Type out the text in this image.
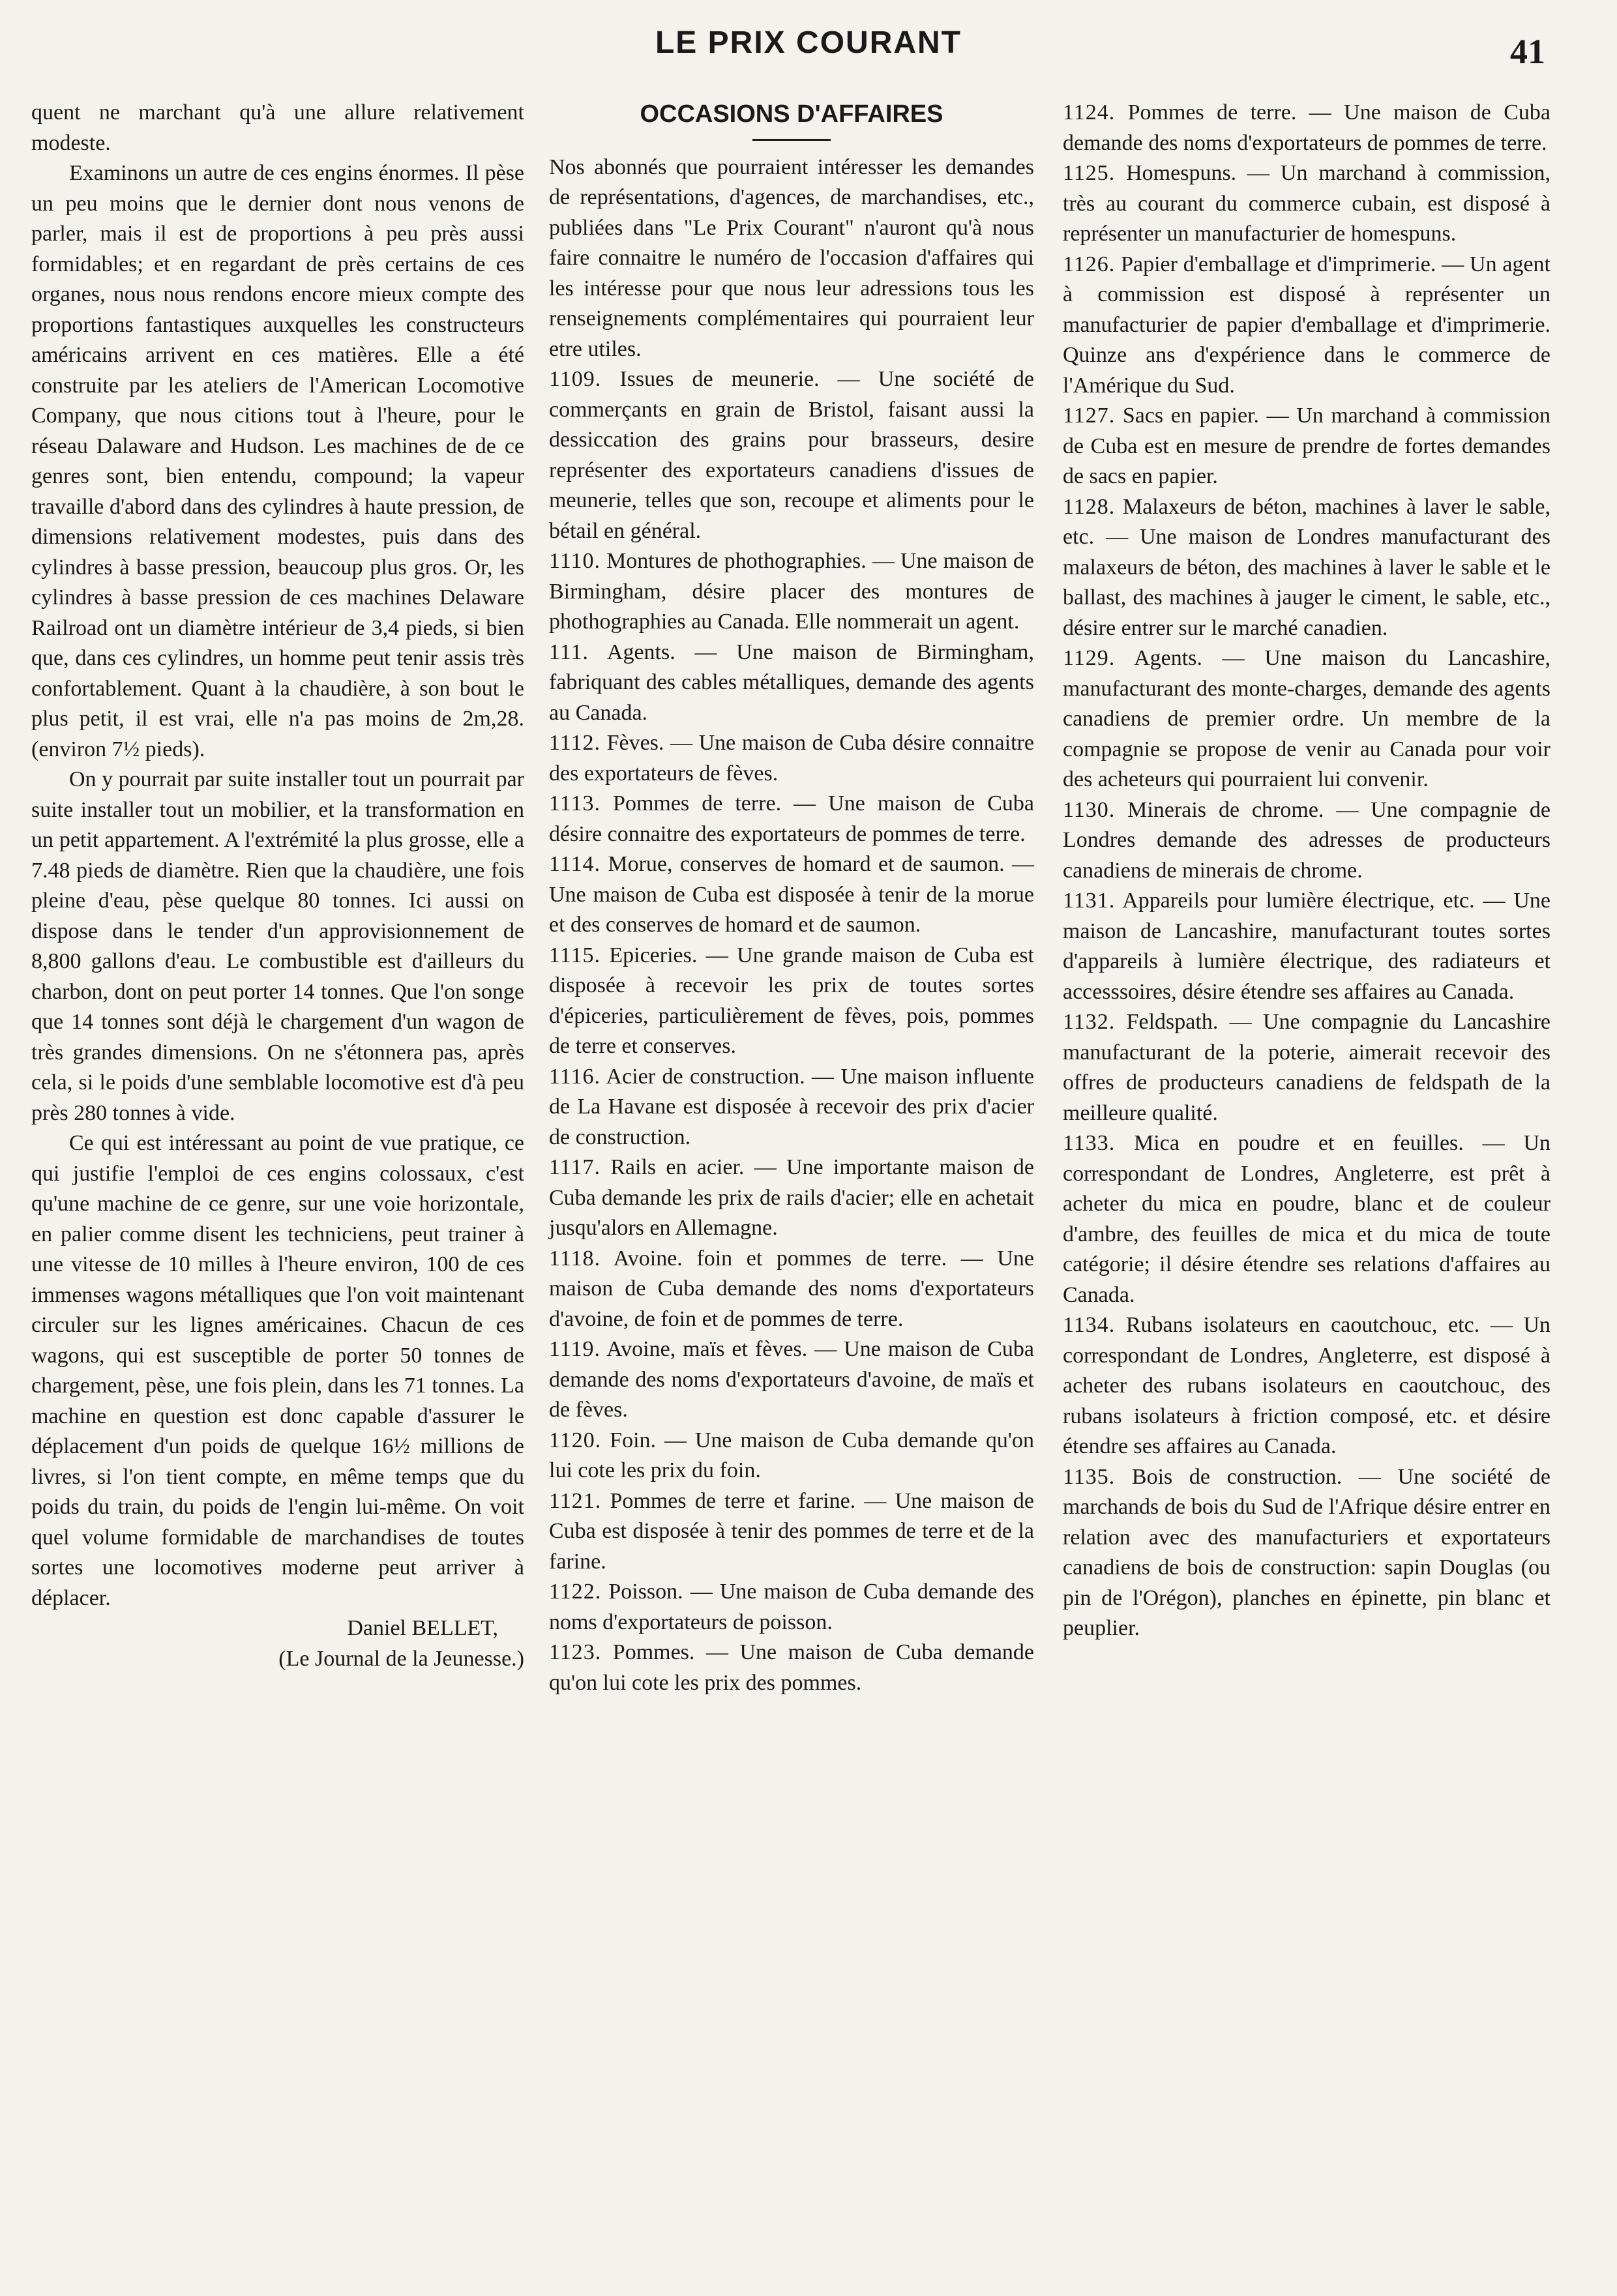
LE PRIX COURANT	41

quent ne marchant qu'à une allure relativement modeste.

Examinons un autre de ces engins énormes. Il pèse un peu moins que le dernier dont nous venons de parler, mais il est de proportions à peu près aussi formidables; et en regardant de près certains de ces organes, nous nous rendons encore mieux compte des proportions fantastiques auxquelles les constructeurs américains arrivent en ces matières. Elle a été construite par les ateliers de l'American Locomotive Company, que nous citions tout à l'heure, pour le réseau Dalaware and Hudson. Les machines de de ce genres sont, bien entendu, compound; la vapeur travaille d'abord dans des cylindres à haute pression, de dimensions relativement modestes, puis dans des cylindres à basse pression, beaucoup plus gros. Or, les cylindres à basse pression de ces machines Delaware Railroad ont un diamètre intérieur de 3,4 pieds, si bien que, dans ces cylindres, un homme peut tenir assis très confortablement. Quant à la chaudière, à son bout le plus petit, il est vrai, elle n'a pas moins de 2m,28. (environ 7½ pieds).

On y pourrait par suite installer tout un pourrait par suite installer tout un mobilier, et la transformation en un petit appartement. A l'extrémité la plus grosse, elle a 7.48 pieds de diamètre. Rien que la chaudière, une fois pleine d'eau, pèse quelque 80 tonnes. Ici aussi on dispose dans le tender d'un approvisionnement de 8,800 gallons d'eau. Le combustible est d'ailleurs du charbon, dont on peut porter 14 tonnes. Que l'on songe que 14 tonnes sont déjà le chargement d'un wagon de très grandes dimensions. On ne s'étonnera pas, après cela, si le poids d'une semblable locomotive est d'à peu près 280 tonnes à vide.

Ce qui est intéressant au point de vue pratique, ce qui justifie l'emploi de ces engins colossaux, c'est qu'une machine de ce genre, sur une voie horizontale, en palier comme disent les techniciens, peut trainer à une vitesse de 10 milles à l'heure environ, 100 de ces immenses wagons métalliques que l'on voit maintenant circuler sur les lignes américaines. Chacun de ces wagons, qui est susceptible de porter 50 tonnes de chargement, pèse, une fois plein, dans les 71 tonnes. La machine en question est donc capable d'assurer le déplacement d'un poids de quelque 16½ millions de livres, si l'on tient compte, en même temps que du poids du train, du poids de l'engin lui-même. On voit quel volume formidable de marchandises de toutes sortes une locomotives moderne peut arriver à déplacer.

Daniel BELLET,

(Le Journal de la Jeunesse.)

OCCASIONS D'AFFAIRES

Nos abonnés que pourraient intéresser les demandes de représentations, d'agences, de marchandises, etc., publiées dans "Le Prix Courant" n'auront qu'à nous faire connaitre le numéro de l'occasion d'affaires qui les intéresse pour que nous leur adressions tous les renseignements complémentaires qui pourraient leur etre utiles.

1109. Issues de meunerie. — Une société de commerçants en grain de Bristol, faisant aussi la dessiccation des grains pour brasseurs, desire représenter des exportateurs canadiens d'issues de meunerie, telles que son, recoupe et aliments pour le bétail en général.

1110. Montures de phothographies. — Une maison de Birmingham, désire placer des montures de phothographies au Canada. Elle nommerait un agent.

111. Agents. — Une maison de Birmingham, fabriquant des cables métalliques, demande des agents au Canada.

1112. Fèves. — Une maison de Cuba désire connaitre des exportateurs de fèves.

1113. Pommes de terre. — Une maison de Cuba désire connaitre des exportateurs de pommes de terre.

1114. Morue, conserves de homard et de saumon. — Une maison de Cuba est disposée à tenir de la morue et des conserves de homard et de saumon.

1115. Epiceries. — Une grande maison de Cuba est disposée à recevoir les prix de toutes sortes d'épiceries, particulièrement de fèves, pois, pommes de terre et conserves.

1116. Acier de construction. — Une maison influente de La Havane est disposée à recevoir des prix d'acier de construction.

1117. Rails en acier. — Une importante maison de Cuba demande les prix de rails d'acier; elle en achetait jusqu'alors en Allemagne.

1118. Avoine. foin et pommes de terre. — Une maison de Cuba demande des noms d'exportateurs d'avoine, de foin et de pommes de terre.

1119. Avoine, maïs et fèves. — Une maison de Cuba demande des noms d'exportateurs d'avoine, de maïs et de fèves.

1120. Foin. — Une maison de Cuba demande qu'on lui cote les prix du foin.

1121. Pommes de terre et farine. — Une maison de Cuba est disposée à tenir des pommes de terre et de la farine.

1122. Poisson. — Une maison de Cuba demande des noms d'exportateurs de poisson.

1123. Pommes. — Une maison de Cuba demande qu'on lui cote les prix des pommes.

1124. Pommes de terre. — Une maison de Cuba demande des noms d'exportateurs de pommes de terre.

1125. Homespuns. — Un marchand à commission, très au courant du commerce cubain, est disposé à représenter un manufacturier de homespuns.

1126. Papier d'emballage et d'imprimerie. — Un agent à commission est disposé à représenter un manufacturier de papier d'emballage et d'imprimerie. Quinze ans d'expérience dans le commerce de l'Amérique du Sud.

1127. Sacs en papier. — Un marchand à commission de Cuba est en mesure de prendre de fortes demandes de sacs en papier.

1128. Malaxeurs de béton, machines à laver le sable, etc. — Une maison de Londres manufacturant des malaxeurs de béton, des machines à laver le sable et le ballast, des machines à jauger le ciment, le sable, etc., désire entrer sur le marché canadien.

1129. Agents. — Une maison du Lancashire, manufacturant des monte-charges, demande des agents canadiens de premier ordre. Un membre de la compagnie se propose de venir au Canada pour voir des acheteurs qui pourraient lui convenir.

1130. Minerais de chrome. — Une compagnie de Londres demande des adresses de producteurs canadiens de minerais de chrome.

1131. Appareils pour lumière électrique, etc. — Une maison de Lancashire, manufacturant toutes sortes d'appareils à lumière électrique, des radiateurs et accesssoires, désire étendre ses affaires au Canada.

1132. Feldspath. — Une compagnie du Lancashire manufacturant de la poterie, aimerait recevoir des offres de producteurs canadiens de feldspath de la meilleure qualité.

1133. Mica en poudre et en feuilles. — Un correspondant de Londres, Angleterre, est prêt à acheter du mica en poudre, blanc et de couleur d'ambre, des feuilles de mica et du mica de toute catégorie; il désire étendre ses relations d'affaires au Canada.

1134. Rubans isolateurs en caoutchouc, etc. — Un correspondant de Londres, Angleterre, est disposé à acheter des rubans isolateurs en caoutchouc, des rubans isolateurs à friction composé, etc. et désire étendre ses affaires au Canada.

1135. Bois de construction. — Une société de marchands de bois du Sud de l'Afrique désire entrer en relation avec des manufacturiers et exportateurs canadiens de bois de construction: sapin Douglas (ou pin de l'Orégon), planches en épinette, pin blanc et peuplier.
